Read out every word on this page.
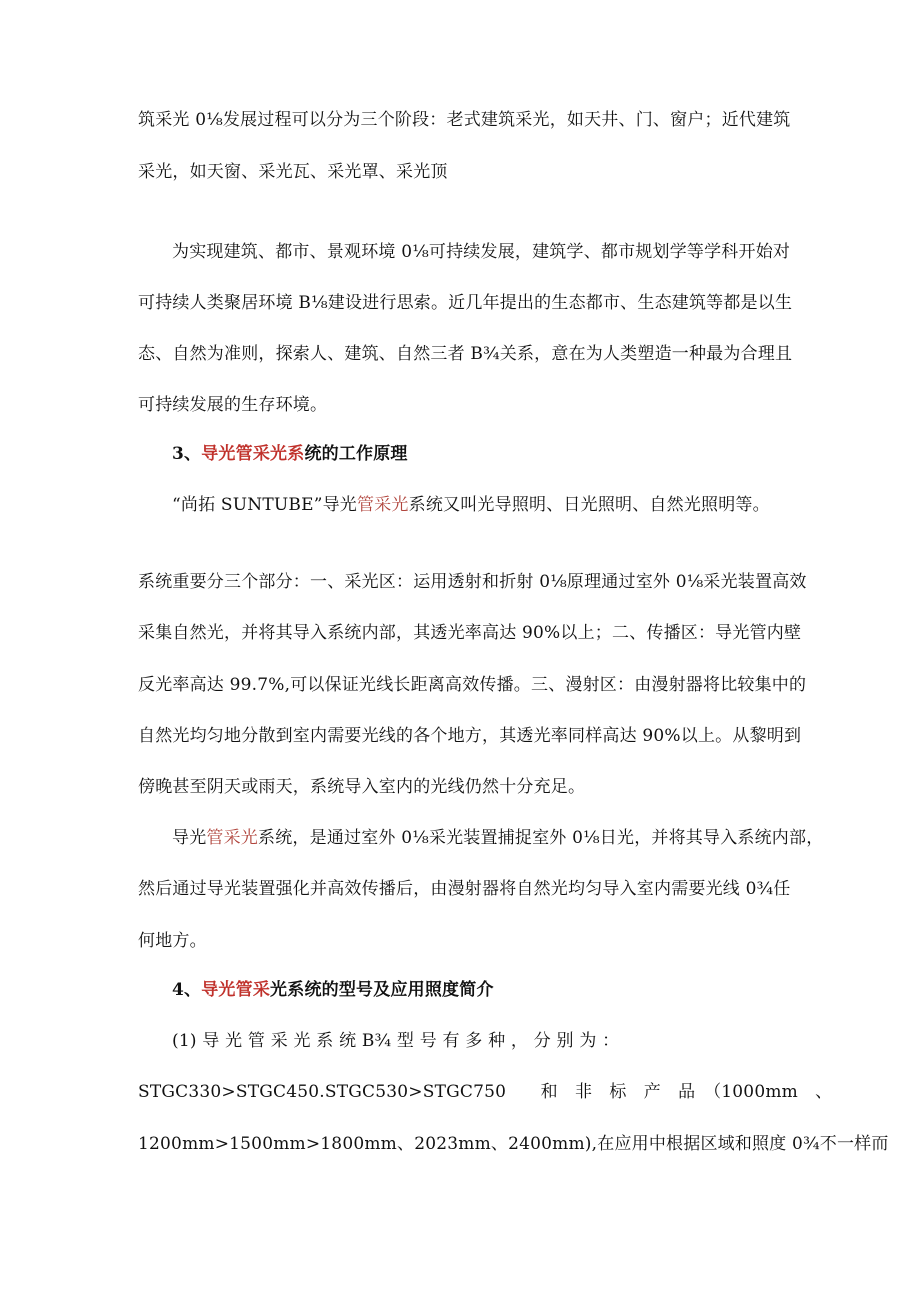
筑采光 0⅛发展过程可以分为三个阶段：老式建筑采光，如天井、门、窗户；近代建筑
采光，如天窗、采光瓦、采光罩、采光顶
为实现建筑、都市、景观环境 0⅛可持续发展，建筑学、都市规划学等学科开始对
可持续人类聚居环境 B⅛建设进行思索。近几年提出的生态都市、生态建筑等都是以生
态、自然为准则，探索人、建筑、自然三者 B¾关系，意在为人类塑造一种最为合理且
可持续发展的生存环境。
3、导光管采光系统的工作原理
“尚拓 SUNTUBE”导光管采光系统又叫光导照明、日光照明、自然光照明等。
系统重要分三个部分：一、采光区：运用透射和折射 0⅛原理通过室外 0⅛采光装置高效
采集自然光，并将其导入系统内部，其透光率高达 90%以上；二、传播区：导光管内壁
反光率高达 99.7%,可以保证光线长距离高效传播。三、漫射区：由漫射器将比较集中的
自然光均匀地分散到室内需要光线的各个地方，其透光率同样高达 90%以上。从黎明到
傍晚甚至阴天或雨天，系统导入室内的光线仍然十分充足。
导光管采光系统，是通过室外 0⅛采光装置捕捉室外 0⅛日光，并将其导入系统内部，
然后通过导光装置强化并高效传播后，由漫射器将自然光均匀导入室内需要光线 0¾任
何地方。
4、导光管采光系统的型号及应用照度简介
(1) 导 光 管 采 光 系 统 B¾ 型 号 有 多 种 ， 分 别 为 ：
STGC330>STGC450.STGC530>STGC750　　和　非　标　产　品　（1000mm　、
1200mm>1500mm>1800mm、2023mm、2400mm),在应用中根据区域和照度 0¾不一样而
